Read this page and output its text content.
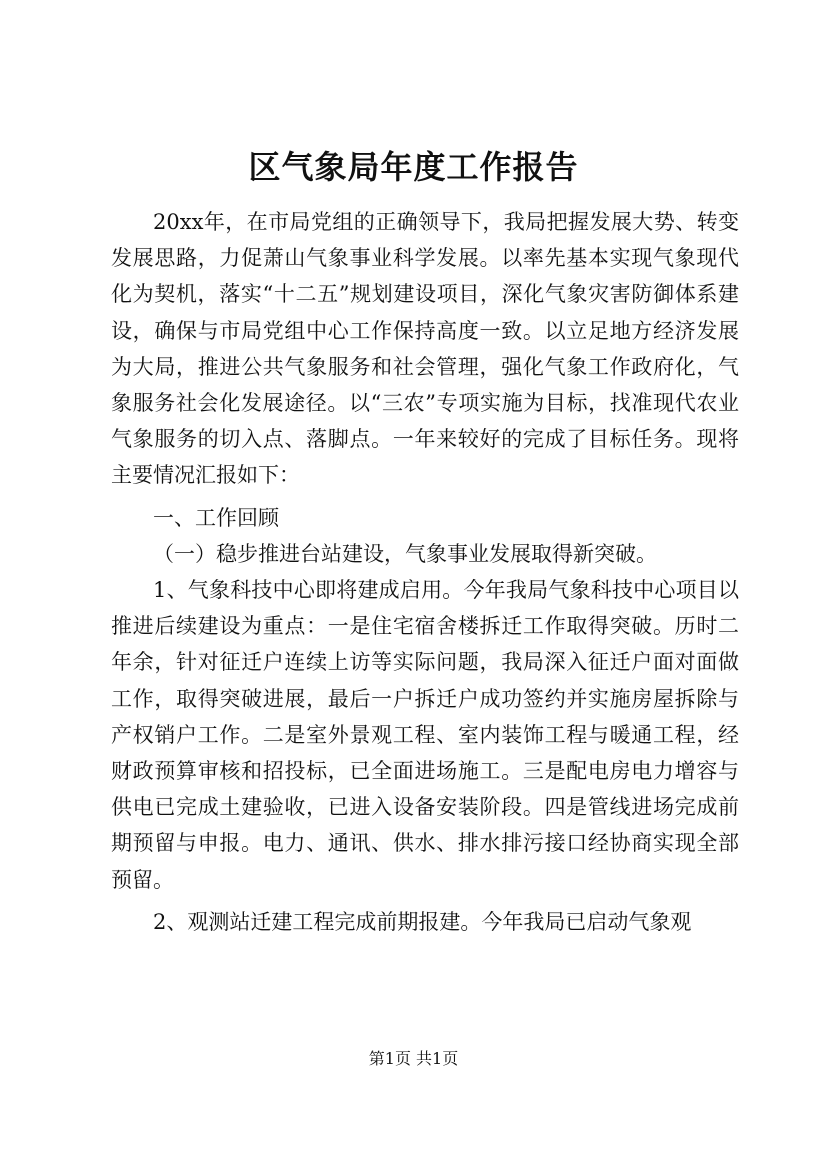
区气象局年度工作报告

20xx年，在市局党组的正确领导下，我局把握发展大势、转变发展思路，力促萧山气象事业科学发展。以率先基本实现气象现代化为契机，落实“十二五”规划建设项目，深化气象灾害防御体系建设，确保与市局党组中心工作保持高度一致。以立足地方经济发展为大局，推进公共气象服务和社会管理，强化气象工作政府化，气象服务社会化发展途径。以“三农”专项实施为目标，找准现代农业气象服务的切入点、落脚点。一年来较好的完成了目标任务。现将主要情况汇报如下：

一、工作回顾

（一）稳步推进台站建设，气象事业发展取得新突破。

1、气象科技中心即将建成启用。今年我局气象科技中心项目以推进后续建设为重点：一是住宅宿舍楼拆迁工作取得突破。历时二年余，针对征迁户连续上访等实际问题，我局深入征迁户面对面做工作，取得突破进展，最后一户拆迁户成功签约并实施房屋拆除与产权销户工作。二是室外景观工程、室内装饰工程与暖通工程，经财政预算审核和招投标，已全面进场施工。三是配电房电力增容与供电已完成土建验收，已进入设备安装阶段。四是管线进场完成前期预留与申报。电力、通讯、供水、排水排污接口经协商实现全部预留。

2、观测站迁建工程完成前期报建。今年我局已启动气象观

第1页 共1页
